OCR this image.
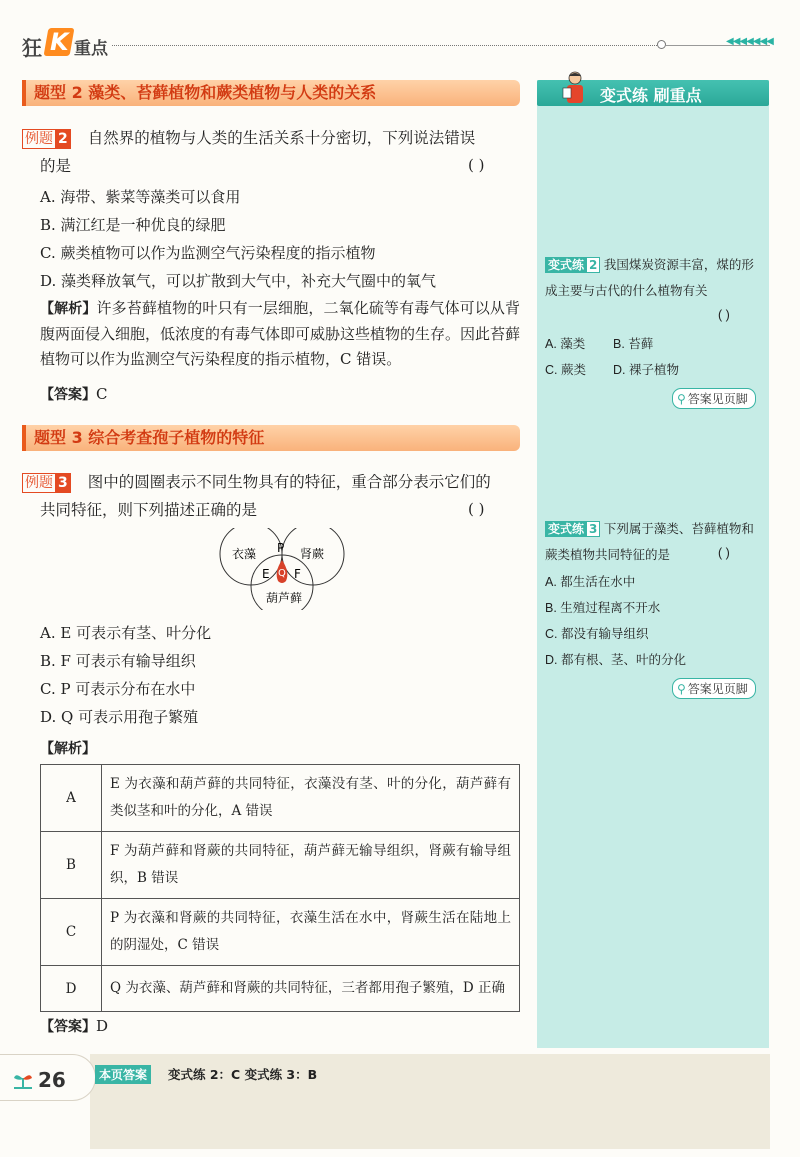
狂 K 重点	◀◀◀◀◀◀◀
题型 2 藻类、苔藓植物和蕨类植物与人类的关系
例题 2 自然界的植物与人类的生活关系十分密切，下列说法错误
的是	( )
A. 海带、紫菜等藻类可以食用
B. 满江红是一种优良的绿肥
C. 蕨类植物可以作为监测空气污染程度的指示植物
D. 藻类释放氧气，可以扩散到大气中，补充大气圈中的氧气
【解析】许多苔藓植物的叶只有一层细胞，二氧化硫等有毒气体可以从背腹两面侵入细胞，低浓度的有毒气体即可威胁这些植物的生存。因此苔藓植物可以作为监测空气污染程度的指示植物，C 错误。
【答案】C
题型 3 综合考查孢子植物的特征
例题 3 图中的圆圈表示不同生物具有的特征，重合部分表示它们的
共同特征，则下列描述正确的是	( )
衣藻	肾蕨
葫芦藓
P
Q
E F
A. E 可表示有茎、叶分化
B. F 可表示有输导组织
C. P 可表示分布在水中
D. Q 可表示用孢子繁殖
【解析】
A	E 为衣藻和葫芦藓的共同特征，衣藻没有茎、叶的分化，葫芦藓有类似茎和叶的分化，A 错误
B	F 为葫芦藓和肾蕨的共同特征，葫芦藓无输导组织，肾蕨有输导组织，B 错误
C	P 为衣藻和肾蕨的共同特征，衣藻生活在水中，肾蕨生活在陆地上的阴湿处，C 错误
D	Q 为衣藻、葫芦藓和肾蕨的共同特征，三者都用孢子繁殖，D 正确
【答案】D
变式练 刷重点
变式练 2 我国煤炭资源丰富，煤的形
成主要与古代的什么植物有关
( )
A. 藻类 B. 苔藓
C. 蕨类 D. 裸子植物
⚲ 答案见页脚
变式练 3 下列属于藻类、苔藓植物和
蕨类植物共同特征的是	( )
A. 都生活在水中
B. 生殖过程离不开水
C. 都没有输导组织
D. 都有根、茎、叶的分化
⚲ 答案见页脚
26	本页答案	变式练 2：C 变式练 3：B
